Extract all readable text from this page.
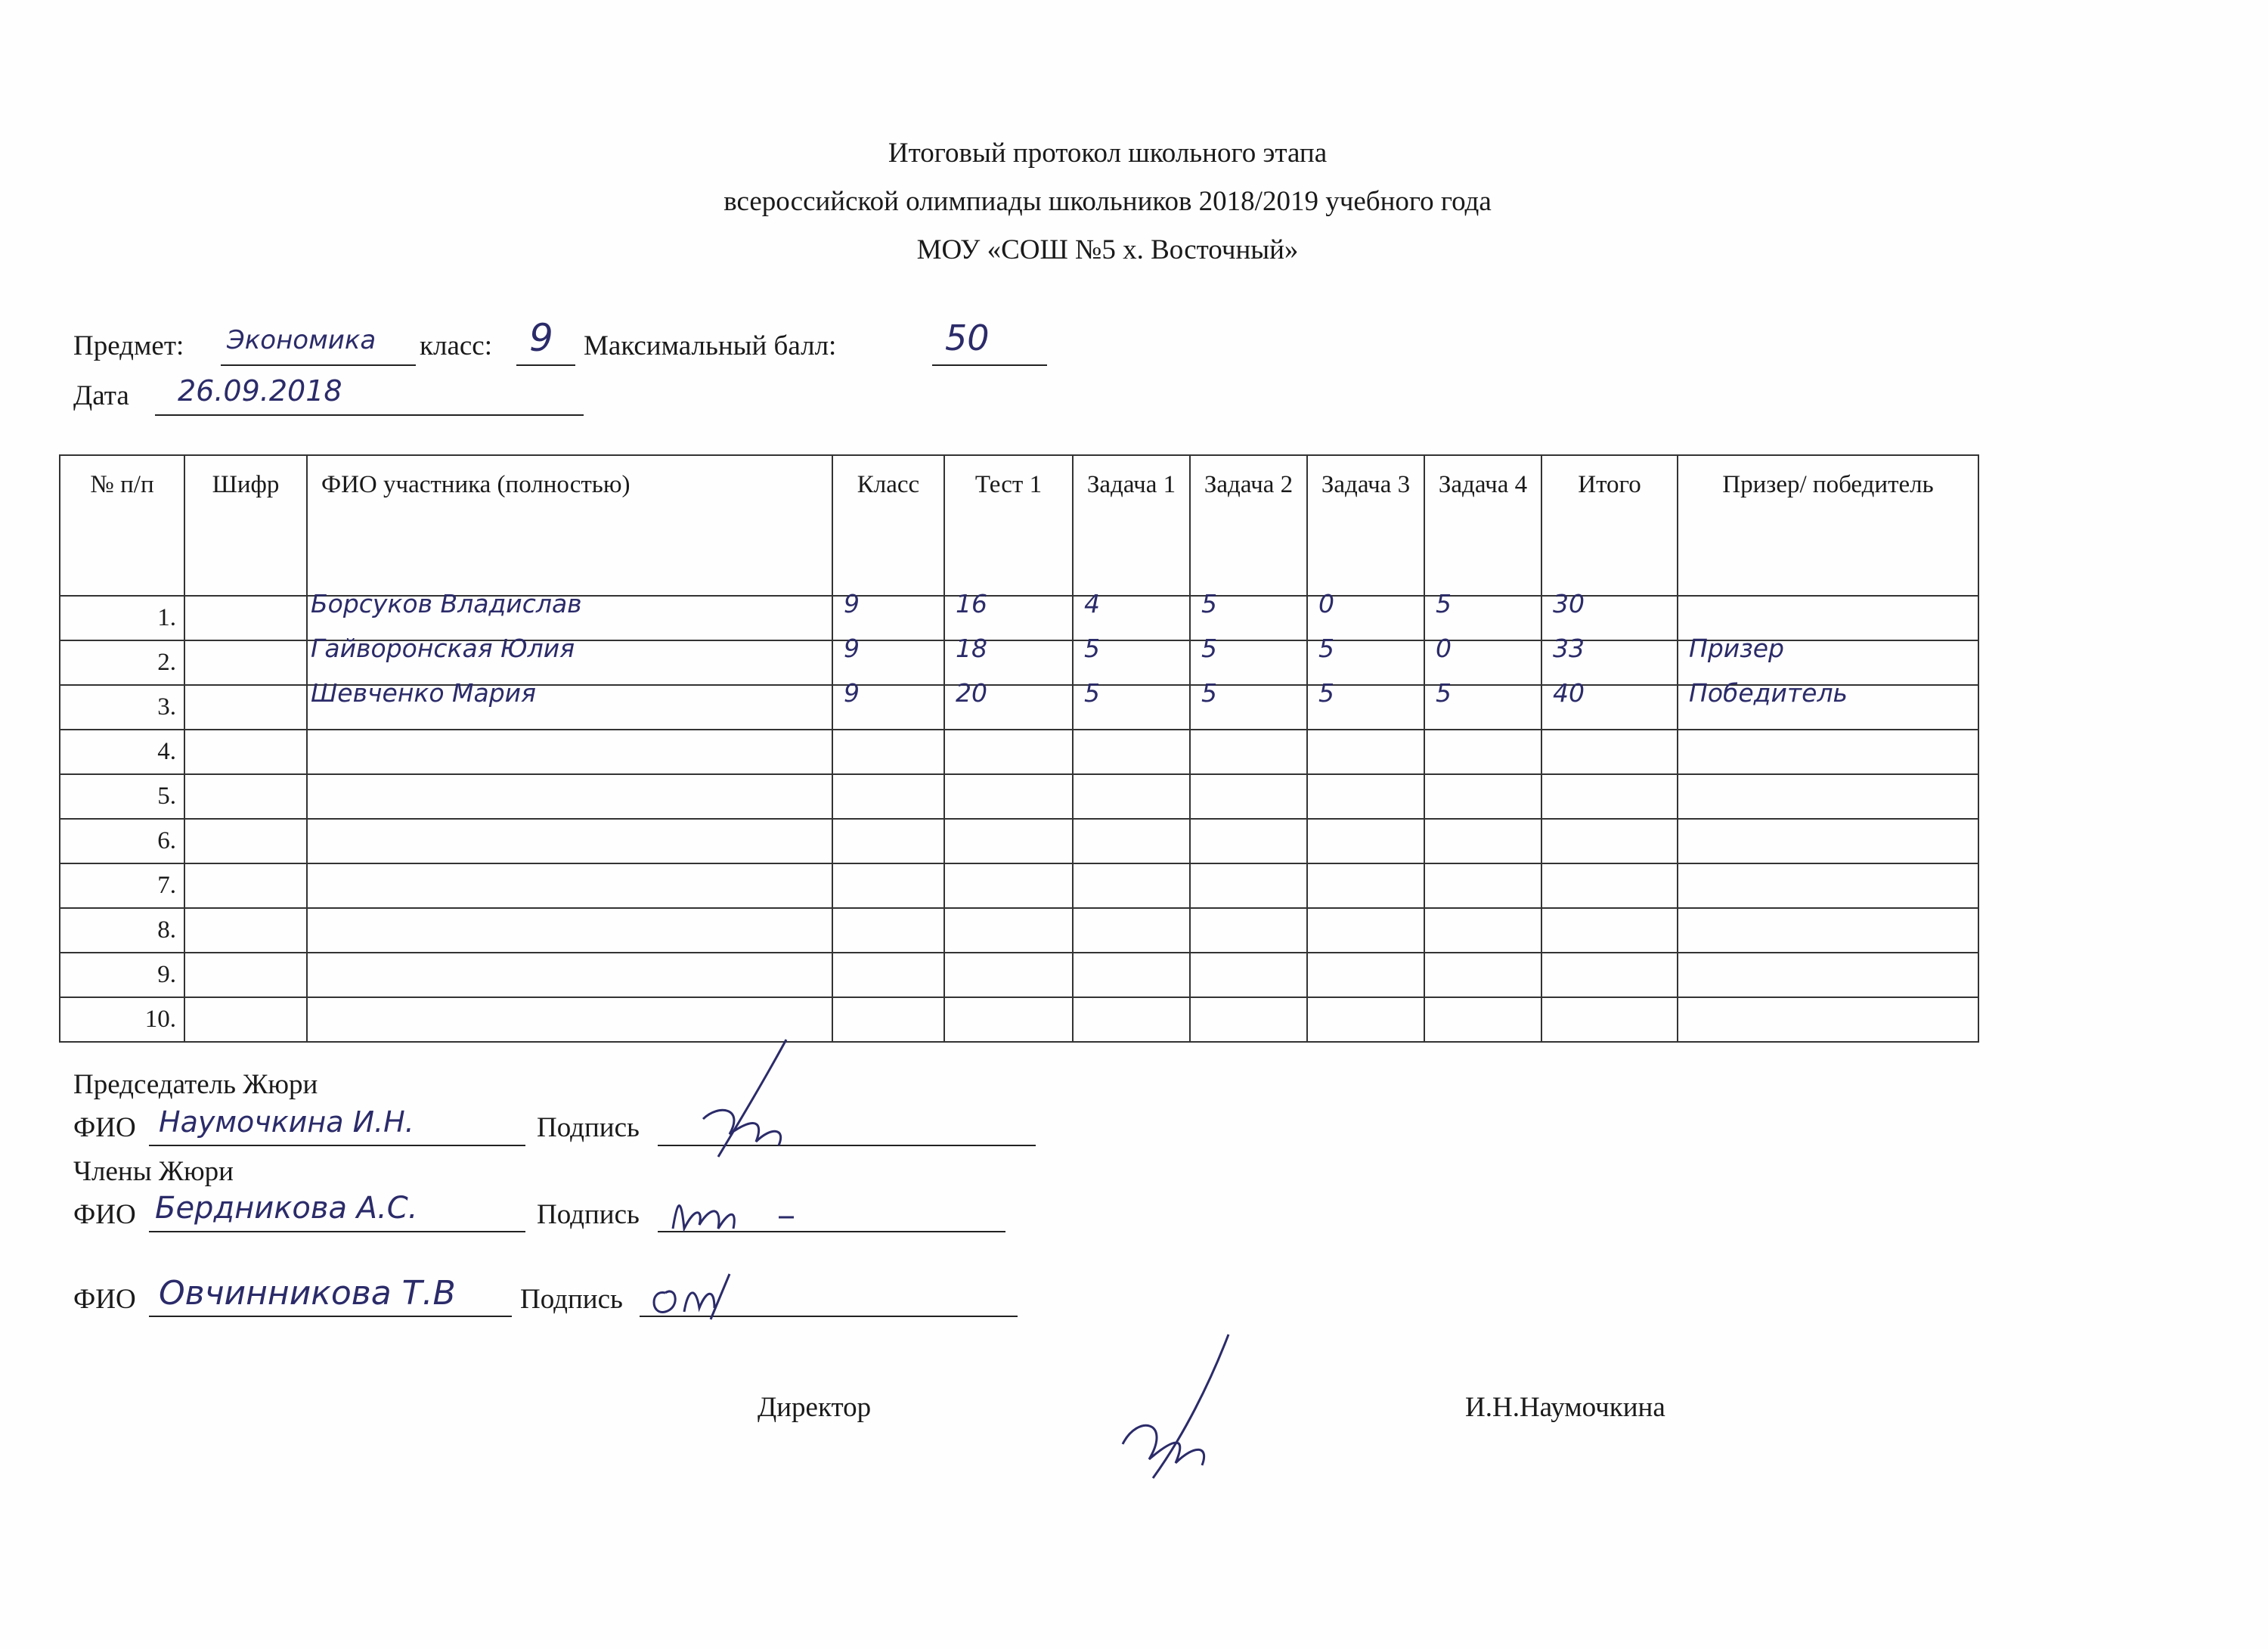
Итоговый протокол школьного этапа
всероссийской олимпиады школьников 2018/2019 учебного года
МОУ «СОШ №5 х. Восточный»
Предмет: Экономика класс: 9 Максимальный балл:	50
Дата 26.09.2018
№ п/п	Шифр	ФИО участника (полностью)	Класс	Тест 1	Задача 1	Задача 2	Задача 3	Задача 4	Итого	Призер/ победитель
1.		Борсуков Владислав	9	16	4	5	0	5	30	

2.		Гайворонская Юлия	9	18	5	5	5	0	33	Призер

3.		Шевченко Мария	9	20	5	5	5	5	40	Победитель

4.		

5.		

6.		

7.		

8.		

9.		

10.		

Председатель Жюри
ФИО Наумочкина И.Н.	Подпись
Члены Жюри
ФИО Бердникова А.С.	Подпись
ФИО Овчинникова Т.В Подпись
Директор	И.Н.Наумочкина
